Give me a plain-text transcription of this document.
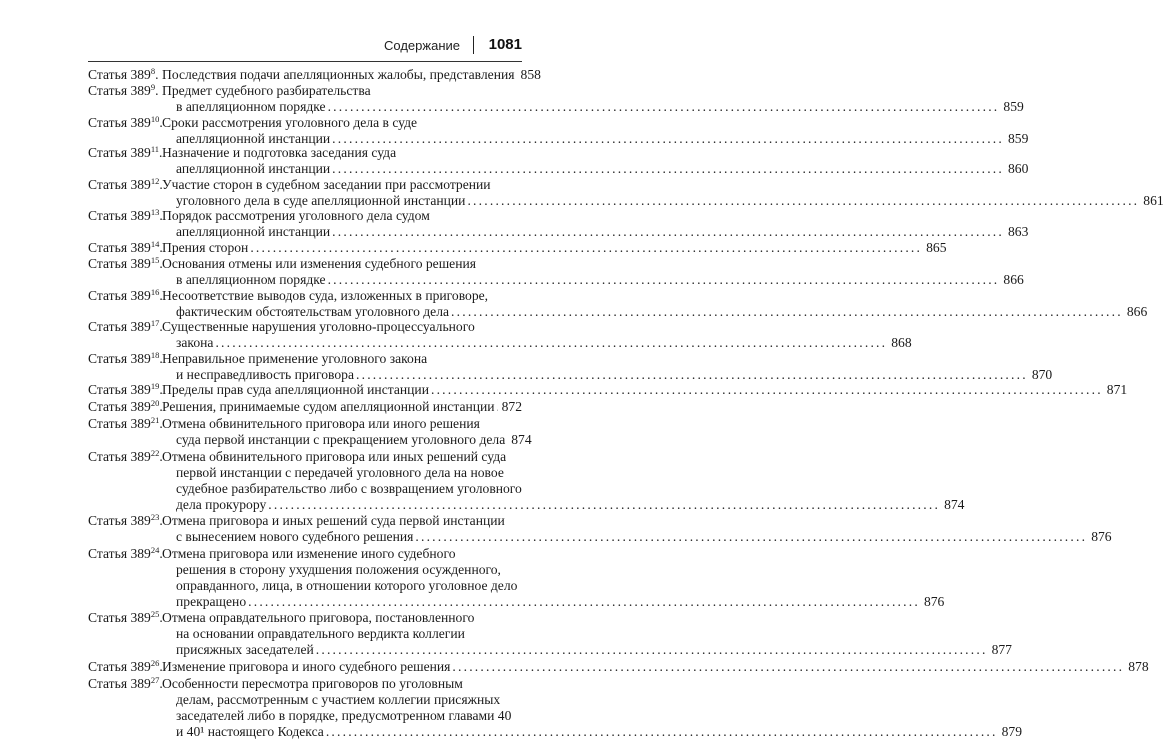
Содержание 1081
Статья $389^8$. Последствия подачи апелляционных жалобы, представления 858
Статья $389^9$. Предмет судебного разбирательства
в апелляционном порядке ........................................................................................................................ 859
Статья $389^{10}$. Сроки рассмотрения уголовного дела в суде
апелляционной инстанции ........................................................................................................................ 859
Статья $389^{11}$. Назначение и подготовка заседания суда
апелляционной инстанции ........................................................................................................................ 860
Статья $389^{12}$. Участие сторон в судебном заседании при рассмотрении
уголовного дела в суде апелляционной инстанции ........................................................................................................................ 861
Статья $389^{13}$. Порядок рассмотрения уголовного дела судом
апелляционной инстанции ........................................................................................................................ 863
Статья $389^{14}$. Прения сторон ........................................................................................................................ 865
Статья $389^{15}$. Основания отмены или изменения судебного решения
в апелляционном порядке ........................................................................................................................ 866
Статья $389^{16}$. Несоответствие выводов суда, изложенных в приговоре,
фактическим обстоятельствам уголовного дела ........................................................................................................................ 866
Статья $389^{17}$. Существенные нарушения уголовно-процессуального
закона ........................................................................................................................ 868
Статья $389^{18}$. Неправильное применение уголовного закона
и несправедливость приговора ........................................................................................................................ 870
Статья $389^{19}$. Пределы прав суда апелляционной инстанции ........................................................................................................................ 871
Статья $389^{20}$. Решения, принимаемые судом апелляционной инстанции 872
Статья $389^{21}$. Отмена обвинительного приговора или иного решения
суда первой инстанции с прекращением уголовного дела 874
Статья $389^{22}$. Отмена обвинительного приговора или иных решений суда
первой инстанции с передачей уголовного дела на новое
судебное разбирательство либо с возвращением уголовного
дела прокурору ........................................................................................................................ 874
Статья $389^{23}$. Отмена приговора и иных решений суда первой инстанции
с вынесением нового судебного решения ........................................................................................................................ 876
Статья $389^{24}$. Отмена приговора или изменение иного судебного
решения в сторону ухудшения положения осужденного,
оправданного, лица, в отношении которого уголовное дело
прекращено ........................................................................................................................ 876
Статья $389^{25}$. Отмена оправдательного приговора, постановленного
на основании оправдательного вердикта коллегии
присяжных заседателей ........................................................................................................................ 877
Статья $389^{26}$. Изменение приговора и иного судебного решения ........................................................................................................................ 878
Статья $389^{27}$. Особенности пересмотра приговоров по уголовным
делам, рассмотренным с участием коллегии присяжных
заседателей либо в порядке, предусмотренном главами 40
и 40¹ настоящего Кодекса ........................................................................................................................ 879
